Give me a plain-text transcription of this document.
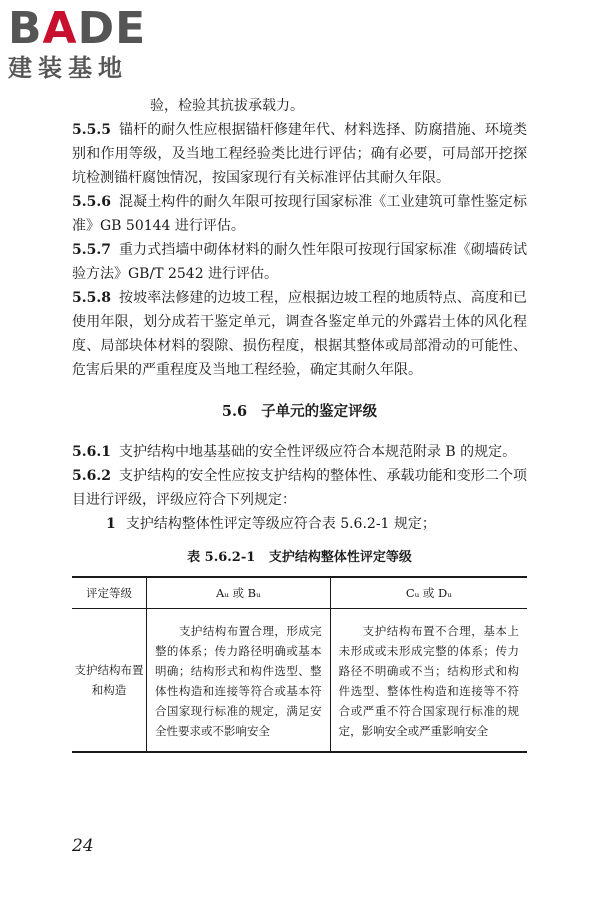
BADE
建装基地

验，检验其抗拔承载力。

5.5.5 锚杆的耐久性应根据锚杆修建年代、材料选择、防腐措施、环境类别和作用等级，及当地工程经验类比进行评估；确有必要，可局部开挖探坑检测锚杆腐蚀情况，按国家现行有关标准评估其耐久年限。

5.5.6 混凝土构件的耐久年限可按现行国家标准《工业建筑可靠性鉴定标准》GB 50144 进行评估。

5.5.7 重力式挡墙中砌体材料的耐久性年限可按现行国家标准《砌墙砖试验方法》GB/T 2542 进行评估。

5.5.8 按坡率法修建的边坡工程，应根据边坡工程的地质特点、高度和已使用年限，划分成若干鉴定单元，调查各鉴定单元的外露岩土体的风化程度、局部块体材料的裂隙、损伤程度，根据其整体或局部滑动的可能性、危害后果的严重程度及当地工程经验，确定其耐久年限。

5.6 子单元的鉴定评级

5.6.1 支护结构中地基基础的安全性评级应符合本规范附录 B 的规定。

5.6.2 支护结构的安全性应按支护结构的整体性、承载功能和变形二个项目进行评级，评级应符合下列规定：

1 支护结构整体性评定等级应符合表 5.6.2-1 规定；

表 5.6.2-1 支护结构整体性评定等级

评定等级	Aᵤ 或 Bᵤ	Cᵤ 或 Dᵤ
支护结构布置和构造	支护结构布置合理，形成完整的体系；传力路径明确或基本明确；结构形式和构件选型、整体性构造和连接等符合或基本符合国家现行标准的规定，满足安全性要求或不影响安全	支护结构布置不合理，基本上未形成或未形成完整的体系；传力路径不明确或不当；结构形式和构件选型、整体性构造和连接等不符合或严重不符合国家现行标准的规定，影响安全或严重影响安全
24
